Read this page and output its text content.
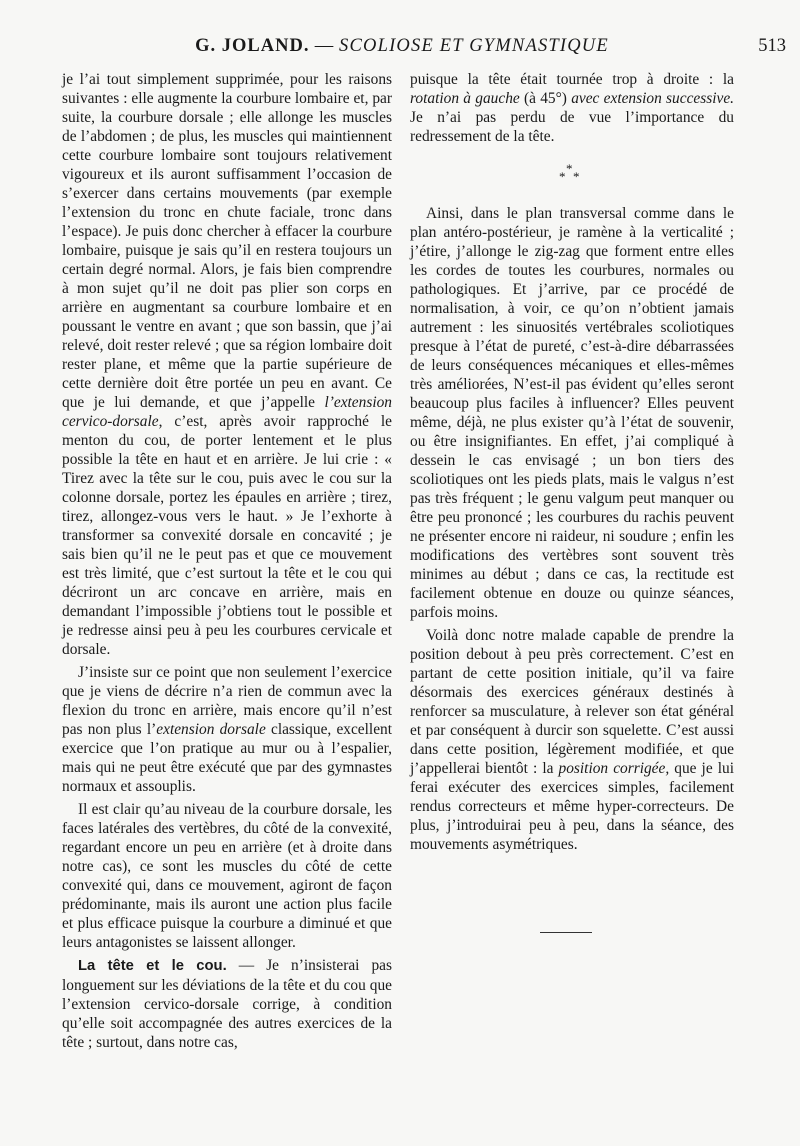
G. JOLAND. — SCOLIOSE ET GYMNASTIQUE	513

je l’ai tout simplement supprimée, pour les raisons suivantes : elle augmente la courbure lombaire et, par suite, la courbure dorsale ; elle allonge les muscles de l’abdomen ; de plus, les muscles qui maintiennent cette courbure lombaire sont toujours relativement vigoureux et ils auront suffisamment l’occasion de s’exercer dans certains mouvements (par exemple l’extension du tronc en chute faciale, tronc dans l’espace). Je puis donc chercher à effacer la courbure lombaire, puisque je sais qu’il en restera toujours un certain degré normal. Alors, je fais bien comprendre à mon sujet qu’il ne doit pas plier son corps en arrière en augmentant sa courbure lombaire et en poussant le ventre en avant ; que son bassin, que j’ai relevé, doit rester relevé ; que sa région lombaire doit rester plane, et même que la partie supérieure de cette dernière doit être portée un peu en avant. Ce que je lui demande, et que j’appelle l’extension cervico-dorsale, c’est, après avoir rapproché le menton du cou, de porter lentement et le plus possible la tête en haut et en arrière. Je lui crie : « Tirez avec la tête sur le cou, puis avec le cou sur la colonne dorsale, portez les épaules en arrière ; tirez, tirez, allongez-vous vers le haut. » Je l’exhorte à transformer sa convexité dorsale en concavité ; je sais bien qu’il ne le peut pas et que ce mouvement est très limité, que c’est surtout la tête et le cou qui décriront un arc concave en arrière, mais en demandant l’impossible j’obtiens tout le possible et je redresse ainsi peu à peu les courbures cervicale et dorsale.

J’insiste sur ce point que non seulement l’exercice que je viens de décrire n’a rien de commun avec la flexion du tronc en arrière, mais encore qu’il n’est pas non plus l’extension dorsale classique, excellent exercice que l’on pratique au mur ou à l’espalier, mais qui ne peut être exécuté que par des gymnastes normaux et assouplis.

Il est clair qu’au niveau de la courbure dorsale, les faces latérales des vertèbres, du côté de la convexité, regardant encore un peu en arrière (et à droite dans notre cas), ce sont les muscles du côté de cette convexité qui, dans ce mouvement, agiront de façon prédominante, mais ils auront une action plus facile et plus efficace puisque la courbure a diminué et que leurs antagonistes se laissent allonger.

La tête et le cou. — Je n’insisterai pas longuement sur les déviations de la tête et du cou que l’extension cervico-dorsale corrige, à condition qu’elle soit accompagnée des autres exercices de la tête ; surtout, dans notre cas,

puisque la tête était tournée trop à droite : la rotation à gauche (à 45°) avec extension successive. Je n’ai pas perdu de vue l’importance du redressement de la tête.

*
* *

Ainsi, dans le plan transversal comme dans le plan antéro-postérieur, je ramène à la verticalité ; j’étire, j’allonge le zig-zag que forment entre elles les cordes de toutes les courbures, normales ou pathologiques. Et j’arrive, par ce procédé de normalisation, à voir, ce qu’on n’obtient jamais autrement : les sinuosités vertébrales scoliotiques presque à l’état de pureté, c’est-à-dire débarrassées de leurs conséquences mécaniques et elles-mêmes très améliorées, N’est-il pas évident qu’elles seront beaucoup plus faciles à influencer? Elles peuvent même, déjà, ne plus exister qu’à l’état de souvenir, ou être insignifiantes. En effet, j’ai compliqué à dessein le cas envisagé ; un bon tiers des scoliotiques ont les pieds plats, mais le valgus n’est pas très fréquent ; le genu valgum peut manquer ou être peu prononcé ; les courbures du rachis peuvent ne présenter encore ni raideur, ni soudure ; enfin les modifications des vertèbres sont souvent très minimes au début ; dans ce cas, la rectitude est facilement obtenue en douze ou quinze séances, parfois moins.

Voilà donc notre malade capable de prendre la position debout à peu près correctement. C’est en partant de cette position initiale, qu’il va faire désormais des exercices généraux destinés à renforcer sa musculature, à relever son état général et par conséquent à durcir son squelette. C’est aussi dans cette position, légèrement modifiée, et que j’appellerai bientôt : la position corrigée, que je lui ferai exécuter des exercices simples, facilement rendus correcteurs et même hyper-correcteurs. De plus, j’introduirai peu à peu, dans la séance, des mouvements asymétriques.
